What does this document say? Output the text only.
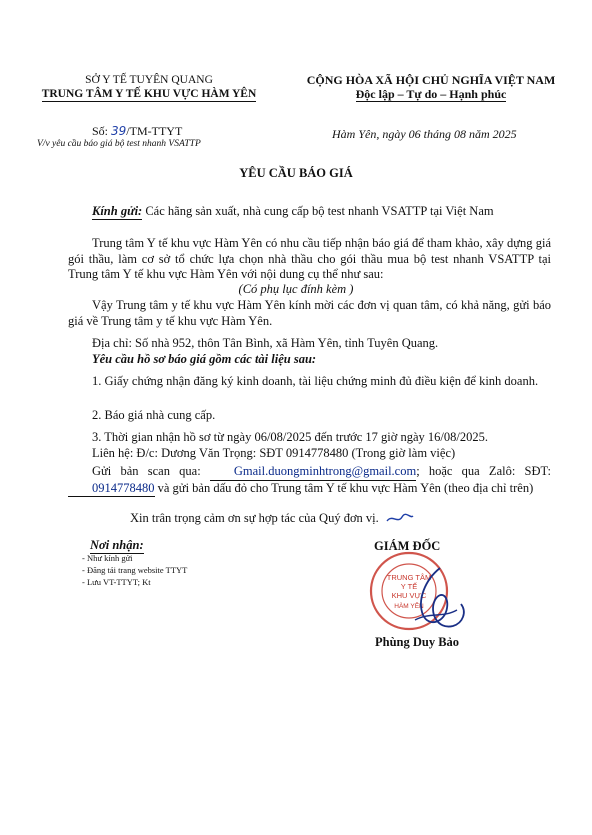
SỞ Y TẾ TUYÊN QUANG
TRUNG TÂM Y TẾ KHU VỰC HÀM YÊN
CỘNG HÒA XÃ HỘI CHỦ NGHĨA VIỆT NAM
Độc lập – Tự do – Hạnh phúc
Số: 39/TM-TTYT
V/v yêu cầu báo giá bộ test nhanh VSATTP
Hàm Yên, ngày 06 tháng 08 năm 2025
YÊU CẦU BÁO GIÁ
Kính gửi: Các hãng sản xuất, nhà cung cấp bộ test nhanh VSATTP tại Việt Nam
Trung tâm Y tế khu vực Hàm Yên có nhu cầu tiếp nhận báo giá để tham khảo, xây dựng giá gói thầu, làm cơ sở tổ chức lựa chọn nhà thầu cho gói thầu mua bộ test nhanh VSATTP tại Trung tâm Y tế khu vực Hàm Yên với nội dung cụ thể như sau:
(Có phụ lục đính kèm )
Vậy Trung tâm y tế khu vực Hàm Yên kính mời các đơn vị quan tâm, có khả năng, gửi báo giá về Trung tâm y tế khu vực Hàm Yên.
Địa chỉ: Số nhà 952, thôn Tân Bình, xã Hàm Yên, tỉnh Tuyên Quang.
Yêu cầu hồ sơ báo giá gồm các tài liệu sau:
1. Giấy chứng nhận đăng ký kinh doanh, tài liệu chứng minh đủ điều kiện để kinh doanh.
2. Báo giá nhà cung cấp.
3. Thời gian nhận hồ sơ từ ngày 06/08/2025 đến trước 17 giờ ngày 16/08/2025.
Liên hệ: Đ/c: Dương Văn Trọng: SĐT 0914778480 (Trong giờ làm việc)
Gửi bản scan qua: Gmail.duongminhtrong@gmail.com; hoặc qua Zalô: SĐT: 0914778480 và gửi bản dấu đỏ cho Trung tâm Y tế khu vực Hàm Yên (theo địa chỉ trên)
Xin trân trọng cảm ơn sự hợp tác của Quý đơn vị.
Nơi nhận:
- Như kính gửi
- Đăng tải trang website TTYT
- Lưu VT-TTYT; Kt
GIÁM ĐỐC
TRUNG TÂM
Y TẾ
KHU VỰC
HÀM YÊN
Phùng Duy Bảo
